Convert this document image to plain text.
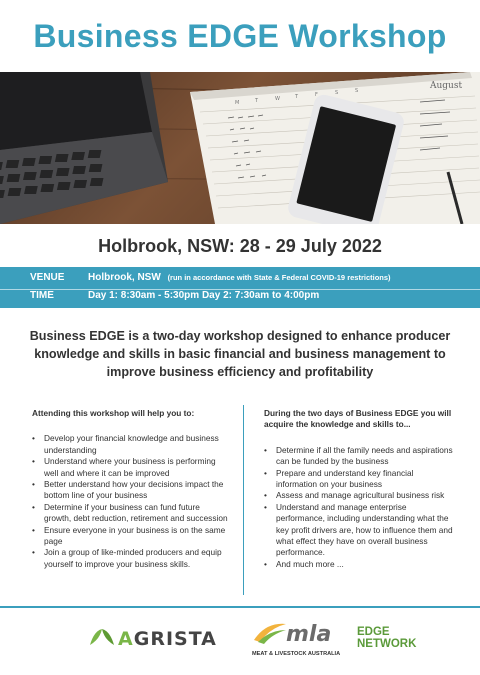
Business EDGE Workshop
August
M	T	W	T	F	S	S
Holbrook, NSW: 28 - 29 July 2022
VENUE Holbrook, NSW (run in accordance with State & Federal COVID-19 restrictions)
TIME	Day 1: 8:30am - 5:30pm Day 2: 7:30am to 4:00pm
Business EDGE is a two-day workshop designed to enhance producer knowledge and skills in basic financial and business management to improve business efficiency and profitability
Attending this workshop will help you to:
• Develop your financial knowledge and business understanding
• Understand where your business is performing well and where it can be improved
• Better understand how your decisions impact the bottom line of your business
• Determine if your business can fund future growth, debt reduction, retirement and succession
• Ensure everyone in your business is on the same page
• Join a group of like-minded producers and equip yourself to improve your business skills.
During the two days of Business EDGE you will acquire the knowledge and skills to...
• Determine if all the family needs and aspirations can be funded by the business
• Prepare and understand key financial information on your business
• Assess and manage agricultural business risk
• Understand and manage enterprise performance, including understanding what the key profit drivers are, how to influence them and what effect they have on overall business performance.
• And much more ...
AGRISTA	mla
MEAT & LIVESTOCK AUSTRALIA
EDGE
NETWORK
